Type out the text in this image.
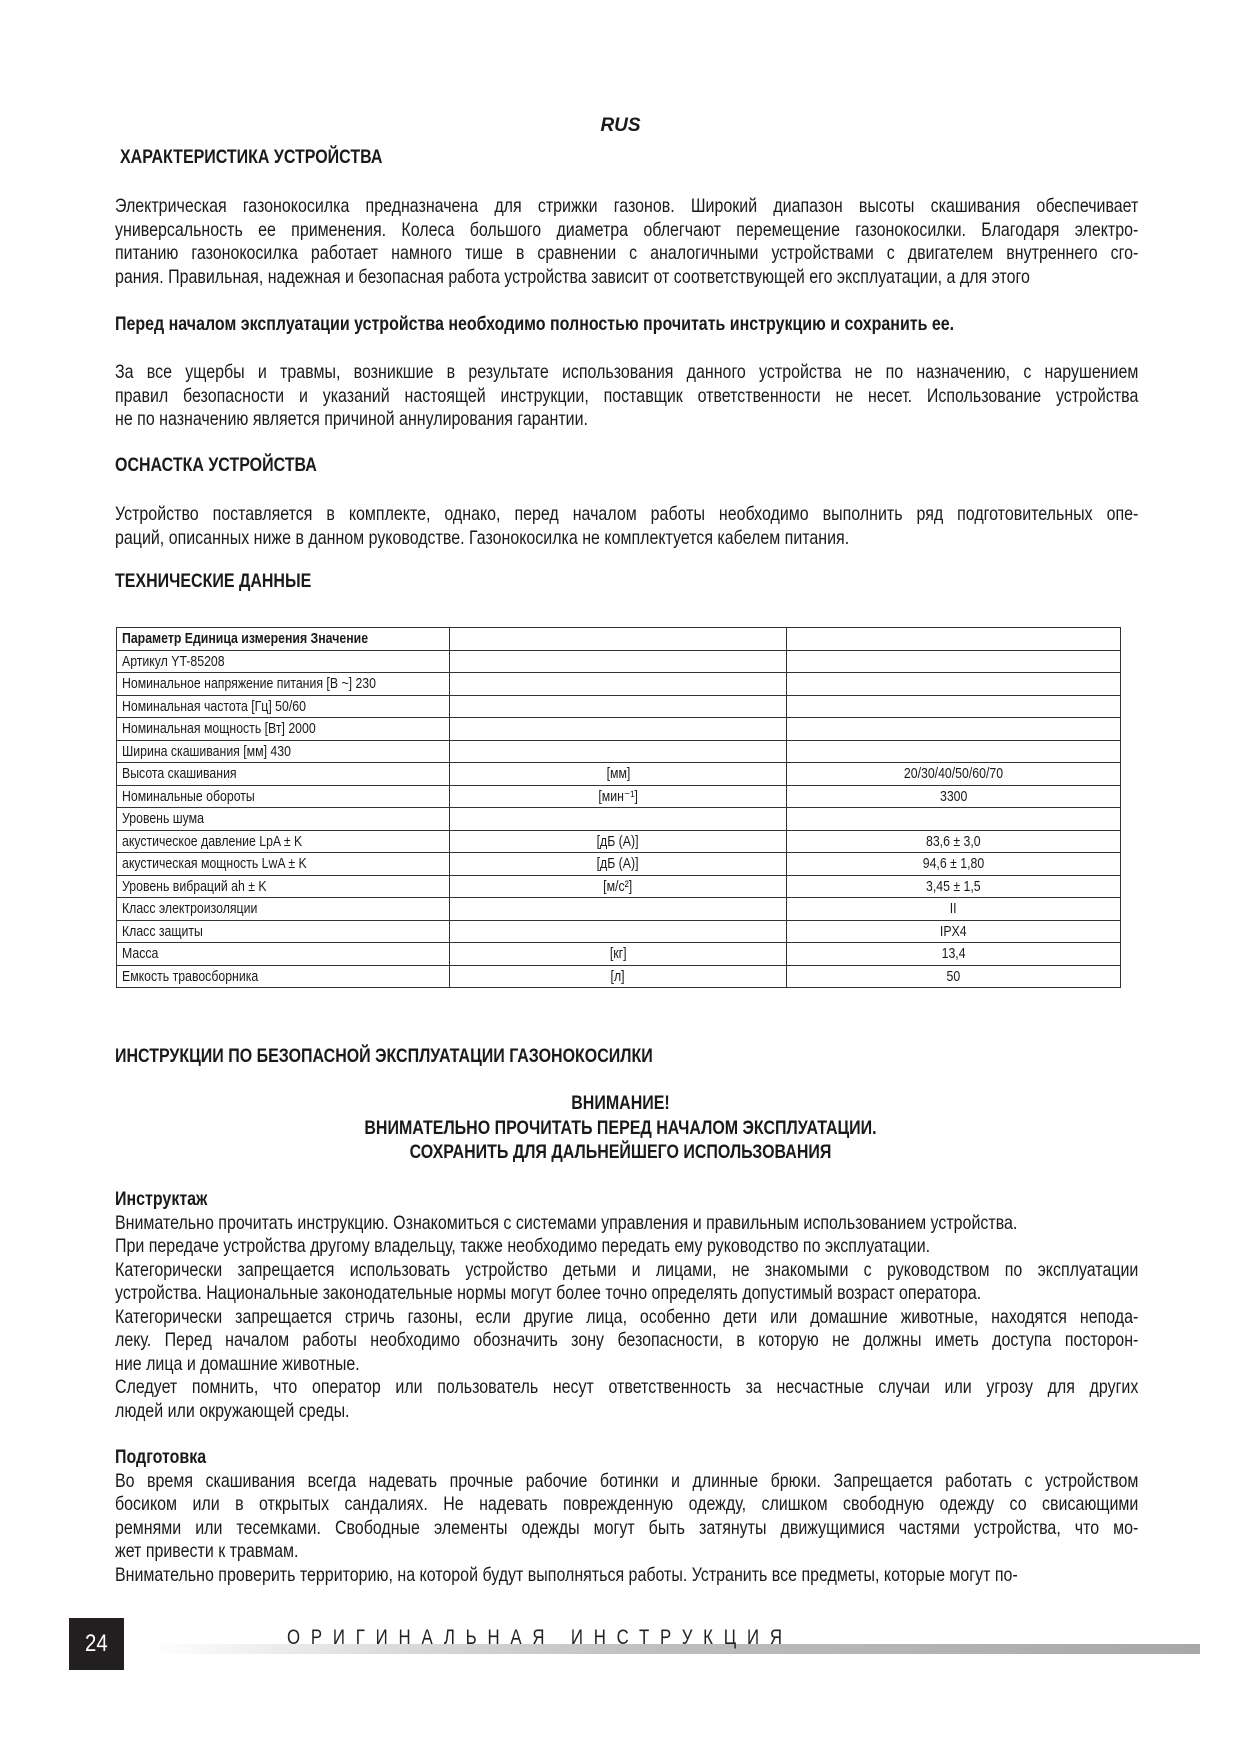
RUS
ХАРАКТЕРИСТИКА УСТРОЙСТВА
Электрическая газонокосилка предназначена для стрижки газонов. Широкий диапазон высоты скашивания обеспечивает
универсальность ее применения. Колеса большого диаметра облегчают перемещение газонокосилки. Благодаря электро-
питанию газонокосилка работает намного тише в сравнении с аналогичными устройствами с двигателем внутреннего сго-
рания. Правильная, надежная и безопасная работа устройства зависит от соответствующей его эксплуатации, а для этого
Перед началом эксплуатации устройства необходимо полностью прочитать инструкцию и сохранить ее.
За все ущербы и травмы, возникшие в результате использования данного устройства не по назначению, с нарушением
правил безопасности и указаний настоящей инструкции, поставщик ответственности не несет. Использование устройства
не по назначению является причиной аннулирования гарантии.
ОСНАСТКА УСТРОЙСТВА
Устройство поставляется в комплекте, однако, перед началом работы необходимо выполнить ряд подготовительных опе-
раций, описанных ниже в данном руководстве. Газонокосилка не комплектуется кабелем питания.
ТЕХНИЧЕСКИЕ ДАННЫЕ
Параметр Единица измерения Значение		
Артикул YT-85208		
Номинальное напряжение питания [В ~] 230		
Номинальная частота [Гц] 50/60		
Номинальная мощность [Вт] 2000		
Ширина скашивания [мм] 430		
Высота скашивания	[мм]	20/30/40/50/60/70
Номинальные обороты	[мин⁻¹]	3300
Уровень шума		
акустическое давление LpA ± K	[дБ (А)]	83,6 ± 3,0
акустическая мощность LwA ± K	[дБ (А)]	94,6 ± 1,80
Уровень вибраций ah ± K	[м/с²]	3,45 ± 1,5
Класс электроизоляции		II
Класс защиты		IPX4
Масса	[кг]	13,4
Емкость травосборника	[л]	50
ИНСТРУКЦИИ ПО БЕЗОПАСНОЙ ЭКСПЛУАТАЦИИ ГАЗОНОКОСИЛКИ
ВНИМАНИЕ!
ВНИМАТЕЛЬНО ПРОЧИТАТЬ ПЕРЕД НАЧАЛОМ ЭКСПЛУАТАЦИИ.
СОХРАНИТЬ ДЛЯ ДАЛЬНЕЙШЕГО ИСПОЛЬЗОВАНИЯ
Инструктаж
Внимательно прочитать инструкцию. Ознакомиться с системами управления и правильным использованием устройства.
При передаче устройства другому владельцу, также необходимо передать ему руководство по эксплуатации.
Категорически запрещается использовать устройство детьми и лицами, не знакомыми с руководством по эксплуатации
устройства. Национальные законодательные нормы могут более точно определять допустимый возраст оператора.
Категорически запрещается стричь газоны, если другие лица, особенно дети или домашние животные, находятся непода-
леку. Перед началом работы необходимо обозначить зону безопасности, в которую не должны иметь доступа посторон-
ние лица и домашние животные.
Следует помнить, что оператор или пользователь несут ответственность за несчастные случаи или угрозу для других
людей или окружающей среды.
Подготовка
Во время скашивания всегда надевать прочные рабочие ботинки и длинные брюки. Запрещается работать с устройством
босиком или в открытых сандалиях. Не надевать поврежденную одежду, слишком свободную одежду со свисающими
ремнями или тесемками. Свободные элементы одежды могут быть затянуты движущимися частями устройства, что мо-
жет привести к травмам.
Внимательно проверить территорию, на которой будут выполняться работы. Устранить все предметы, которые могут по-
24	ОРИГИНАЛЬНАЯ ИНСТРУКЦИЯ
